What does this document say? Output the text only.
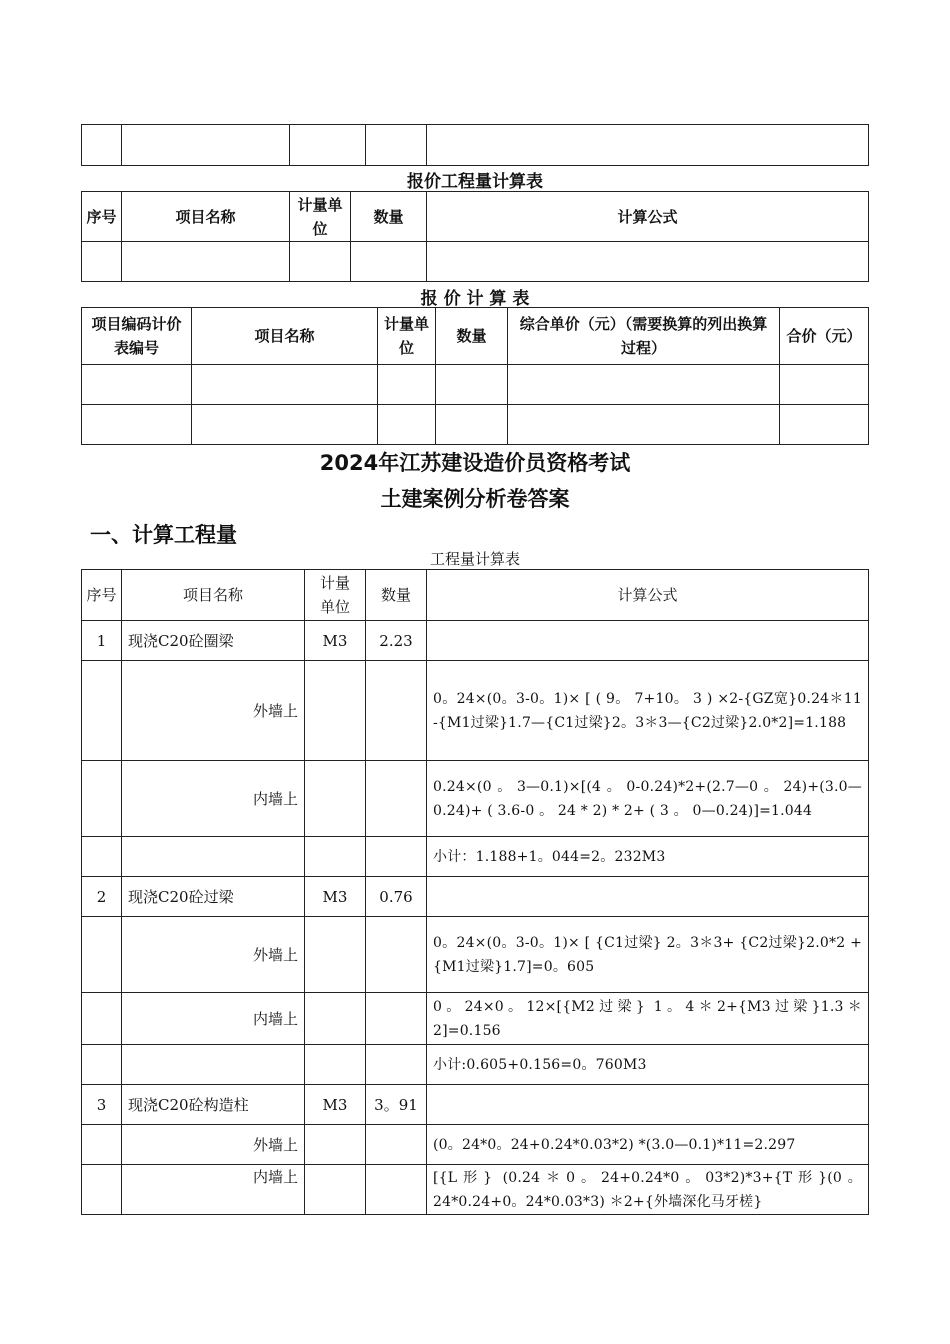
报价工程量计算表
序号	项目名称	计量单位	数量	计算公式

报 价 计 算 表
项目编码计价表编号	项目名称	计量单位	数量	综合单价（元）（需要换算的列出换算过程）	合价（元）

2024年江苏建设造价员资格考试
土建案例分析卷答案
一、计算工程量
工程量计算表
序号	项目名称	计量单位	数量	计算公式
1	现浇C20砼圈梁	M3	2.23	
	外墙上			0。24×(0。3-0。1)× [ ( 9。 7+10。 3 ) ×2-{GZ宽}0.24＊11 -{M1过梁}1.7—{C1过梁}2。3＊3—{C2过梁}2.0*2]=1.188
	内墙上			0.24×(0。3—0.1)×[(4。0-0.24)*2+(2.7—0。24)+(3.0—0.24)+ ( 3.6-0 。 24 * 2) * 2+ ( 3 。 0—0.24)]=1.044
				小计：1.188+1。044=2。232M3
2	现浇C20砼过梁	M3	0.76	
	外墙上			0。24×(0。3-0。1)× [ {C1过梁} 2。3＊3+ {C2过梁}2.0*2 +{M1过梁}1.7]=0。605
	内墙上			0。24×0。12×[{M2过梁} 1。4＊2+{M3过梁}1.3＊2]=0.156
				小计:0.605+0.156=0。760M3
3	现浇C20砼构造柱	M3	3。91	
	外墙上			(0。24*0。24+0.24*0.03*2) *(3.0—0.1)*11=2.297
	内墙上			[{L形} (0.24＊0。24+0.24*0。03*2)*3+{T形}(0。24*0.24+0。24*0.03*3) ＊2+{外墙深化马牙槎}
